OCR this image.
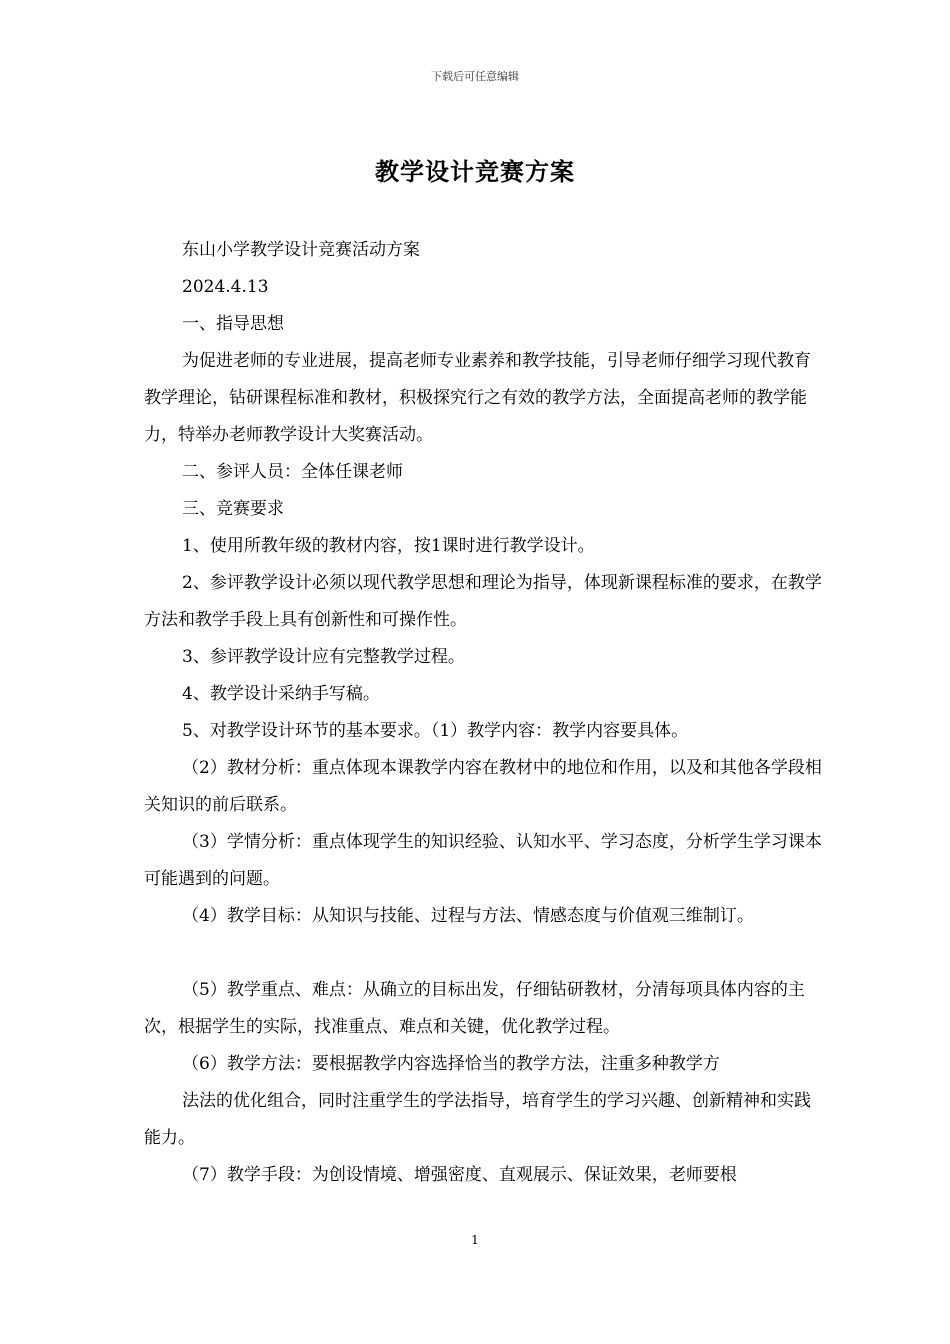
下载后可任意编辑
教学设计竞赛方案

东山小学教学设计竞赛活动方案

2024.4.13

一、指导思想

为促进老师的专业进展，提高老师专业素养和教学技能，引导老师仔细学习现代教育教学理论，钻研课程标准和教材，积极探究行之有效的教学方法，全面提高老师的教学能力，特举办老师教学设计大奖赛活动。

二、参评人员：全体任课老师

三、竞赛要求

1、使用所教年级的教材内容，按1课时进行教学设计。

2、参评教学设计必须以现代教学思想和理论为指导，体现新课程标准的要求，在教学方法和教学手段上具有创新性和可操作性。

3、参评教学设计应有完整教学过程。

4、教学设计采纳手写稿。

5、对教学设计环节的基本要求。（1）教学内容：教学内容要具体。

（2）教材分析：重点体现本课教学内容在教材中的地位和作用，以及和其他各学段相关知识的前后联系。

（3）学情分析：重点体现学生的知识经验、认知水平、学习态度，分析学生学习课本可能遇到的问题。

（4）教学目标：从知识与技能、过程与方法、情感态度与价值观三维制订。

（5）教学重点、难点：从确立的目标出发，仔细钻研教材，分清每项具体内容的主次，根据学生的实际，找准重点、难点和关键，优化教学过程。

（6）教学方法：要根据教学内容选择恰当的教学方法，注重多种教学方

法法的优化组合，同时注重学生的学法指导，培育学生的学习兴趣、创新精神和实践能力。

（7）教学手段：为创设情境、增强密度、直观展示、保证效果，老师要根

1
